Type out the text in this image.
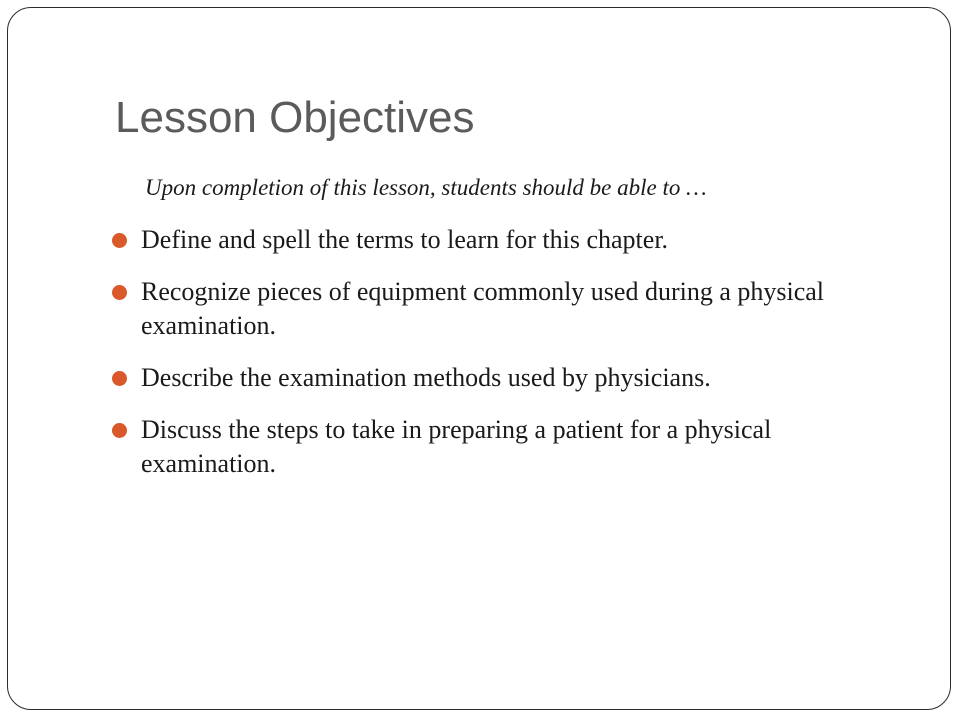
Lesson Objectives

Upon completion of this lesson, students should be able to …

Define and spell the terms to learn for this chapter.
Recognize pieces of equipment commonly used during a physical examination.
Describe the examination methods used by physicians.
Discuss the steps to take in preparing a patient for a physical examination.
